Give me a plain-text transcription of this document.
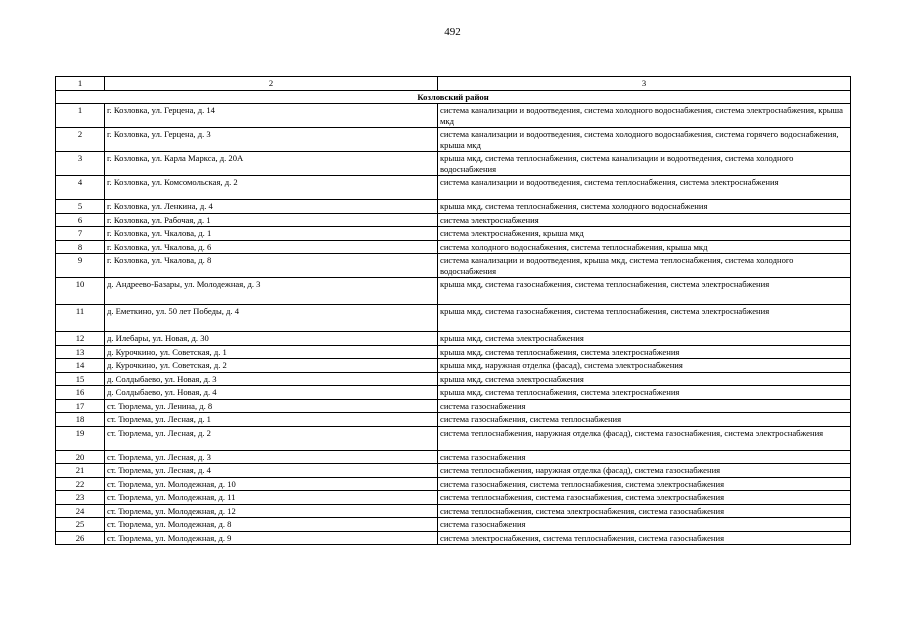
492
1	2	3
Козловский район		
1	г. Козловка, ул. Герцена, д. 14	система канализации и водоотведения, система холодного водоснабжения, система электроснабжения, крыша мкд
2	г. Козловка, ул. Герцена, д. 3	система канализации и водоотведения, система холодного водоснабжения, система горячего водоснабжения, крыша мкд
3	г. Козловка, ул. Карла Маркса, д. 20А	крыша мкд, система теплоснабжения, система канализации и водоотведения, система холодного водоснабжения
4	г. Козловка, ул. Комсомольская, д. 2	система канализации и водоотведения, система теплоснабжения, система электроснабжения
5	г. Козловка, ул. Ленкина, д. 4	крыша мкд, система теплоснабжения, система холодного водоснабжения
6	г. Козловка, ул. Рабочая, д. 1	система электроснабжения
7	г. Козловка, ул. Чкалова, д. 1	система электроснабжения, крыша мкд
8	г. Козловка, ул. Чкалова, д. 6	система холодного водоснабжения, система теплоснабжения, крыша мкд
9	г. Козловка, ул. Чкалова, д. 8	система канализации и водоотведения, крыша мкд, система теплоснабжения, система холодного водоснабжения
10	д. Андреево-Базары, ул. Молодежная, д. 3	крыша мкд, система газоснабжения, система теплоснабжения, система электроснабжения
11	д. Еметкино, ул. 50 лет Победы, д. 4	крыша мкд, система газоснабжения, система теплоснабжения, система электроснабжения
12	д. Илебары, ул. Новая, д. 30	крыша мкд, система электроснабжения
13	д. Курочкино, ул. Советская, д. 1	крыша мкд, система теплоснабжения, система электроснабжения
14	д. Курочкино, ул. Советская, д. 2	крыша мкд, наружная отделка (фасад), система электроснабжения
15	д. Солдыбаево, ул. Новая, д. 3	крыша мкд, система электроснабжения
16	д. Солдыбаево, ул. Новая, д. 4	крыша мкд, система теплоснабжения, система электроснабжения
17	ст. Тюрлема, ул. Ленина, д. 8	система газоснабжения
18	ст. Тюрлема, ул. Лесная, д. 1	система газоснабжения, система теплоснабжения
19	ст. Тюрлема, ул. Лесная, д. 2	система теплоснабжения, наружная отделка (фасад), система газоснабжения, система электроснабжения
20	ст. Тюрлема, ул. Лесная, д. 3	система газоснабжения
21	ст. Тюрлема, ул. Лесная, д. 4	система теплоснабжения, наружная отделка (фасад), система газоснабжения
22	ст. Тюрлема, ул. Молодежная, д. 10	система газоснабжения, система теплоснабжения, система электроснабжения
23	ст. Тюрлема, ул. Молодежная, д. 11	система теплоснабжения, система газоснабжения, система электроснабжения
24	ст. Тюрлема, ул. Молодежная, д. 12	система теплоснабжения, система электроснабжения, система газоснабжения
25	ст. Тюрлема, ул. Молодежная, д. 8	система газоснабжения
26	ст. Тюрлема, ул. Молодежная, д. 9	система электроснабжения, система теплоснабжения, система газоснабжения
